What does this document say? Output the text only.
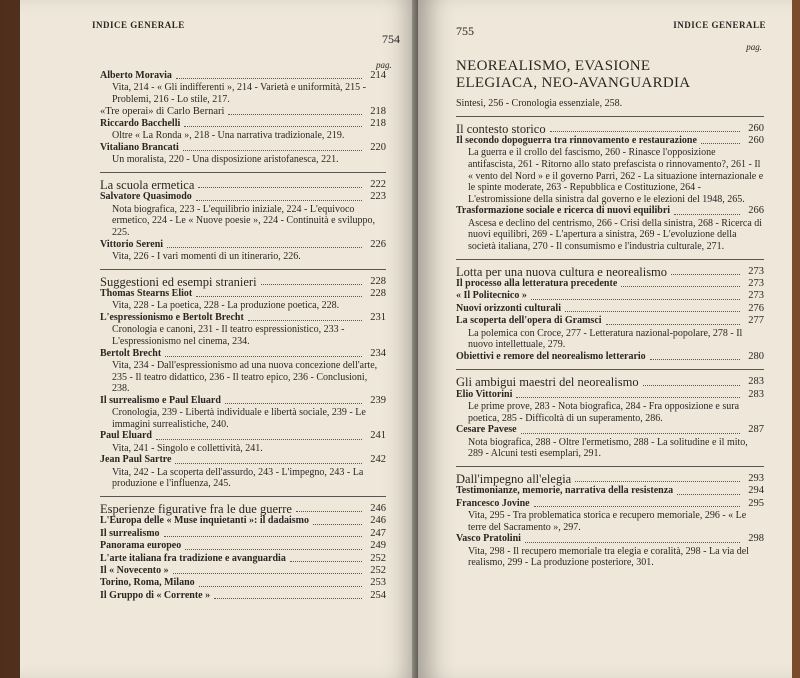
INDICE GENERALE
754
pag.
Alberto Moravia	214
Vita, 214 - « Gli indifferenti », 214 - Varietà e uniformità, 215 - Problemi, 216 - Lo stile, 217.
«Tre operai» di Carlo Bernari	218
Riccardo Bacchelli	218
Oltre « La Ronda », 218 - Una narrativa tradizionale, 219.
Vitaliano Brancati	220
Un moralista, 220 - Una disposizione aristofanesca, 221.
La scuola ermetica	222
Salvatore Quasimodo	223
Nota biografica, 223 - L'equilibrio iniziale, 224 - L'equivoco ermetico, 224 - Le « Nuove poesie », 224 - Continuità e sviluppo, 225.
Vittorio Sereni	226
Vita, 226 - I vari momenti di un itinerario, 226.
Suggestioni ed esempi stranieri	228
Thomas Stearns Eliot	228
Vita, 228 - La poetica, 228 - La produzione poetica, 228.
L'espressionismo e Bertolt Brecht	231
Cronologia e canoni, 231 - Il teatro espressionistico, 233 - L'espressionismo nel cinema, 234.
Bertolt Brecht	234
Vita, 234 - Dall'espressionismo ad una nuova concezione dell'arte, 235 - Il teatro didattico, 236 - Il teatro epico, 236 - Conclusioni, 238.
Il surrealismo e Paul Eluard	239
Cronologia, 239 - Libertà individuale e libertà sociale, 239 - Le immagini surrealistiche, 240.
Paul Eluard	241
Vita, 241 - Singolo e collettività, 241.
Jean Paul Sartre	242
Vita, 242 - La scoperta dell'assurdo, 243 - L'impegno, 243 - La produzione e l'influenza, 245.
Esperienze figurative fra le due guerre	246
L'Europa delle « Muse inquietanti »: il dadaismo	246
Il surrealismo	247
Panorama europeo	249
L'arte italiana fra tradizione e avanguardia	252
Il « Novecento »	252
Torino, Roma, Milano	253
Il Gruppo di « Corrente »	254
755	INDICE GENERALE
pag.
NEOREALISMO, EVASIONE ELEGIACA, NEO-AVANGUARDIA
Sintesi, 256 - Cronologia essenziale, 258.
Il contesto storico	260
Il secondo dopoguerra tra rinnovamento e restaurazione	260
La guerra e il crollo del fascismo, 260 - Rinasce l'opposizione antifascista, 261 - Ritorno allo stato prefascista o rinnovamento?, 261 - Il « vento del Nord » e il governo Parri, 262 - La situazione internazionale e le spinte moderate, 263 - Repubblica e Costituzione, 264 - L'estromissione della sinistra dal governo e le elezioni del 1948, 265.
Trasformazione sociale e ricerca di nuovi equilibri	266
Ascesa e declino del centrismo, 266 - Crisi della sinistra, 268 - Ricerca di nuovi equilibri, 269 - L'apertura a sinistra, 269 - L'evoluzione della società italiana, 270 - Il consumismo e l'industria culturale, 271.
Lotta per una nuova cultura e neorealismo	273
Il processo alla letteratura precedente	273
« Il Politecnico »	273
Nuovi orizzonti culturali	276
La scoperta dell'opera di Gramsci	277
La polemica con Croce, 277 - Letteratura nazional-popolare, 278 - Il nuovo intellettuale, 279.
Obiettivi e remore del neorealismo letterario	280
Gli ambigui maestri del neorealismo	283
Elio Vittorini	283
Le prime prove, 283 - Nota biografica, 284 - Fra opposizione e sura poetica, 285 - Difficoltà di un superamento, 286.
Cesare Pavese	287
Nota biografica, 288 - Oltre l'ermetismo, 288 - La solitudine e il mito, 289 - Alcuni testi esemplari, 291.
Dall'impegno all'elegia	293
Testimonianze, memorie, narrativa della resistenza	294
Francesco Jovine	295
Vita, 295 - Tra problematica storica e recupero memoriale, 296 - « Le terre del Sacramento », 297.
Vasco Pratolini	298
Vita, 298 - Il recupero memoriale tra elegia e coralità, 298 - La via del realismo, 299 - La produzione posteriore, 301.
